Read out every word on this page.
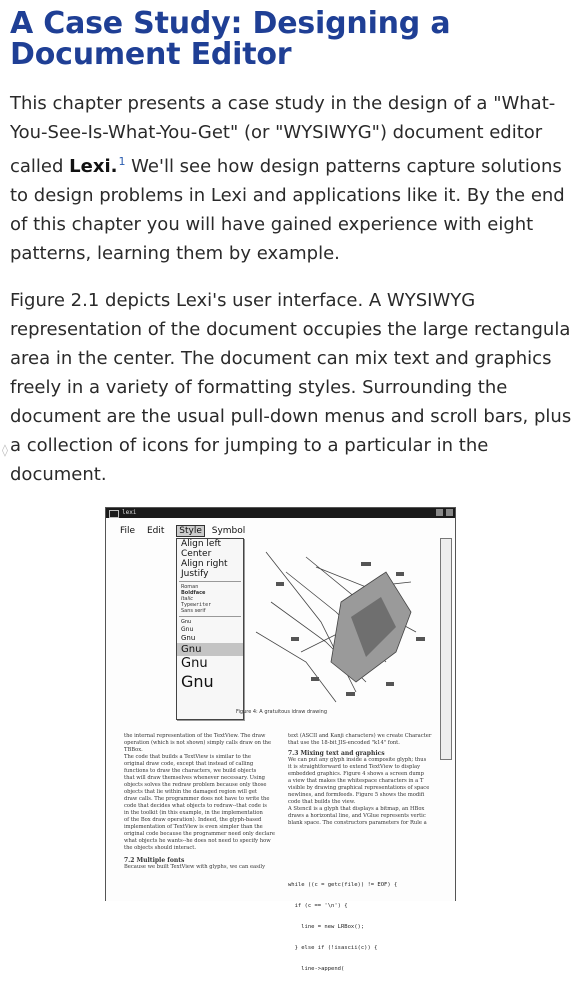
A Case Study: Designing a Document Editor
This chapter presents a case study in the design of a "What-
You-See-Is-What-You-Get" (or "WYSIWYG") document editor
called Lexi.$^1$ We'll see how design patterns capture solutions
to design problems in Lexi and applications like it. By the end
of this chapter you will have gained experience with eight
patterns, learning them by example.
Figure 2.1 depicts Lexi's user interface. A WYSIWYG
representation of the document occupies the large rectangula
area in the center. The document can mix text and graphics
freely in a variety of formatting styles. Surrounding the
document are the usual pull-down menus and scroll bars, plus
a collection of icons for jumping to a particular in the
document.
◊
lexi
File Edit Style Symbol
Align left
Center
Align right
Justify
Roman
Boldface
Italic
Typewriter
Sans serif
Gnu
Gnu
Gnu
Gnu
Gnu
Gnu
Figure 4: A gratuitous idraw drawing
the internal representation of the TextView. The draw
operation (which is not shown) simply calls draw on the
TBBox.
The code that builds a TextView is similar to the
original draw code, except that instead of calling
functions to draw the characters, we build objects
that will draw themselves whenever necessary. Using
objects solves the redraw problem because only those
objects that lie within the damaged region will get
draw calls. The programmer does not have to write the
code that decides what objects to redraw--that code is
in the toolkit (in this example, in the implementation
of the Box draw operation). Indeed, the glyph-based
implementation of TextView is even simpler than the
original code because the programmer need only declare
what objects he wants--he does not need to specify how
the objects should interact.
7.2 Multiple fonts
Because we built TextView with glyphs, we can easily
text (ASCII and Kanji characters) we create Character
that use the 18-bit JIS-encoded "k14" font.
7.3 Mixing text and graphics
We can put any glyph inside a composite glyph; thus
it is straightforward to extend TextView to display
embedded graphics. Figure 4 shows a screen dump
a view that makes the whitespace characters in a T
visible by drawing graphical representations of space
newlines, and formfeeds. Figure 5 shows the modifi
code that builds the view.
A Stencil is a glyph that displays a bitmap, an HBox
draws a horizontal line, and VGlue represents vertic
blank space. The constructors parameters for Rule a

while ((c = getc(file)) != EOF) {

if (c == '\n') {

line = new LRBox();

} else if (!isascii(c)) {

line->append(
